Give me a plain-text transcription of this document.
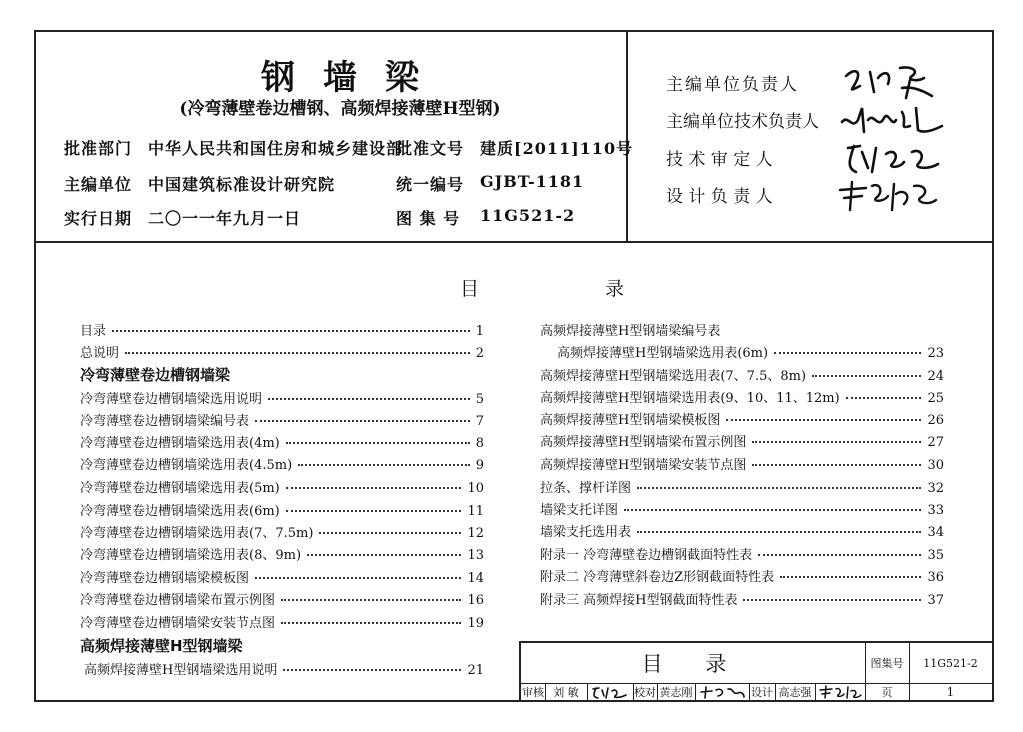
钢墙梁
(冷弯薄壁卷边槽钢、高频焊接薄壁H型钢)
批准部门 中华人民共和国住房和城乡建设部
批准文号 建质[2011]110号
主编单位 中国建筑标准设计研究院	统一编号 GJBT-1181
实行日期 二〇一一年九月一日	图 集 号 11G521-2
主编单位负责人
主编单位技术负责人
技 术 审 定 人
设 计 负 责 人
目 录
目录	1
总说明	2
冷弯薄壁卷边槽钢墙梁
冷弯薄壁卷边槽钢墙梁选用说明	5
冷弯薄壁卷边槽钢墙梁编号表	7
冷弯薄壁卷边槽钢墙梁选用表(4m)	8
冷弯薄壁卷边槽钢墙梁选用表(4.5m)	9
冷弯薄壁卷边槽钢墙梁选用表(5m)	10
冷弯薄壁卷边槽钢墙梁选用表(6m)	11
冷弯薄壁卷边槽钢墙梁选用表(7、7.5m)	12
冷弯薄壁卷边槽钢墙梁选用表(8、9m)	13
冷弯薄壁卷边槽钢墙梁模板图	14
冷弯薄壁卷边槽钢墙梁布置示例图	16
冷弯薄壁卷边槽钢墙梁安装节点图	19
高频焊接薄壁H型钢墙梁
高频焊接薄壁H型钢墙梁选用说明	21
高频焊接薄壁H型钢墙梁编号表
高频焊接薄壁H型钢墙梁选用表(6m)	23
高频焊接薄壁H型钢墙梁选用表(7、7.5、8m)	24
高频焊接薄壁H型钢墙梁选用表(9、10、11、12m)	25
高频焊接薄壁H型钢墙梁模板图	26
高频焊接薄壁H型钢墙梁布置示例图	27
高频焊接薄壁H型钢墙梁安装节点图	30
拉条、撑杆详图	32
墙梁支托详图	33
墙梁支托选用表	34
附录一 冷弯薄壁卷边槽钢截面特性表	35
附录二 冷弯薄壁斜卷边Z形钢截面特性表	36
附录三 高频焊接H型钢截面特性表	37
目 录	图集号	11G521-2
审核 刘 敏	校对 黄志刚	设计 高志强	页	1
